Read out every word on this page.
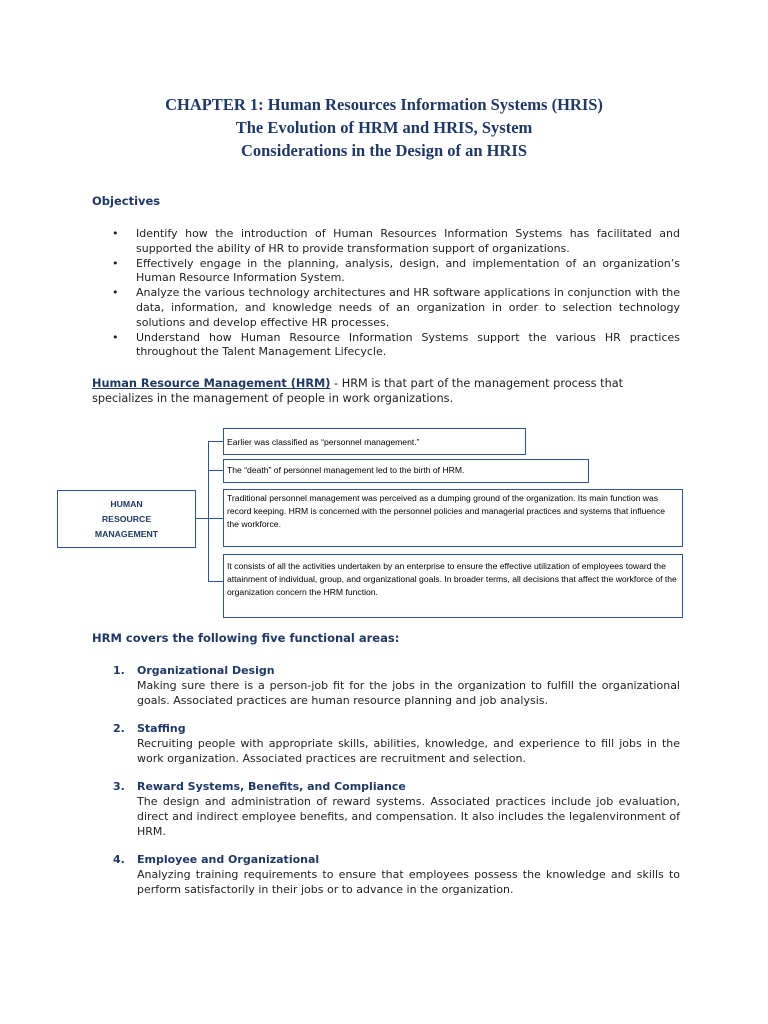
CHAPTER 1: Human Resources Information Systems (HRIS)
The Evolution of HRM and HRIS, System
Considerations in the Design of an HRIS
Objectives
• Identify how the introduction of Human Resources Information Systems has facilitated and supported the ability of HR to provide transformation support of organizations.
• Effectively engage in the planning, analysis, design, and implementation of an organization’s Human Resource Information System.
• Analyze the various technology architectures and HR software applications in conjunction with the data, information, and knowledge needs of an organization in order to selection technology solutions and develop effective HR processes.
• Understand how Human Resource Information Systems support the various HR practices throughout the Talent Management Lifecycle.
Human Resource Management (HRM) - HRM is that part of the management process that specializes in the management of people in work organizations.
HUMAN
RESOURCE
MANAGEMENT
Earlier was classified as “personnel management.”
The “death” of personnel management led to the birth of HRM.
Traditional personnel management was perceived as a dumping ground of the organization. Its main function was record keeping. HRM is concerned with the personnel policies and managerial practices and systems that influence the workforce.
It consists of all the activities undertaken by an enterprise to ensure the effective utilization of employees toward the attainment of individual, group, and organizational goals. In broader terms, all decisions that affect the workforce of the organization concern the HRM function.
HRM covers the following five functional areas:
1. Organizational Design
Making sure there is a person-job fit for the jobs in the organization to fulfill the organizational goals. Associated practices are human resource planning and job analysis.
2. Staffing
Recruiting people with appropriate skills, abilities, knowledge, and experience to fill jobs in the work organization. Associated practices are recruitment and selection.
3. Reward Systems, Benefits, and Compliance
The design and administration of reward systems. Associated practices include job evaluation, direct and indirect employee benefits, and compensation. It also includes the legalenvironment of HRM.
4. Employee and Organizational
Analyzing training requirements to ensure that employees possess the knowledge and skills to perform satisfactorily in their jobs or to advance in the organization.
